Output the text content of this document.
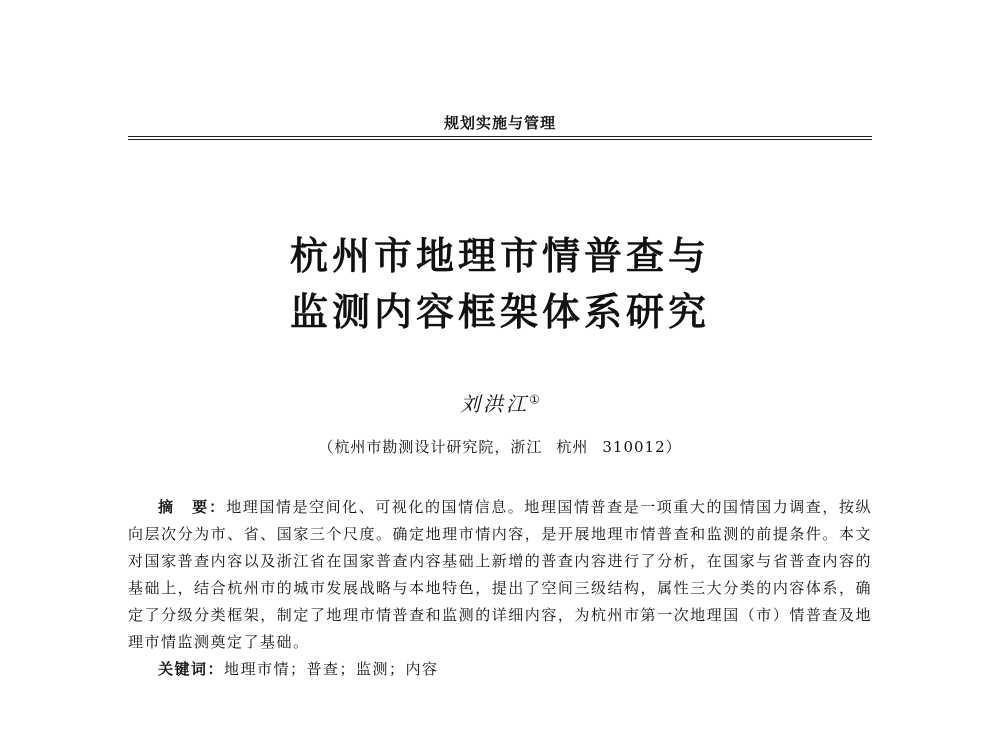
规划实施与管理
杭州市地理市情普查与
监测内容框架体系研究
刘洪江①
（杭州市勘测设计研究院，浙江 杭州 310012）
摘　要：地理国情是空间化、可视化的国情信息。地理国情普查是一项重大的国情国力调查，按纵向层次分为市、省、国家三个尺度。确定地理市情内容，是开展地理市情普查和监测的前提条件。本文对国家普查内容以及浙江省在国家普查内容基础上新增的普查内容进行了分析，在国家与省普查内容的基础上，结合杭州市的城市发展战略与本地特色，提出了空间三级结构，属性三大分类的内容体系，确定了分级分类框架，制定了地理市情普查和监测的详细内容，为杭州市第一次地理国（市）情普查及地理市情监测奠定了基础。
关键词：地理市情；普查；监测；内容
